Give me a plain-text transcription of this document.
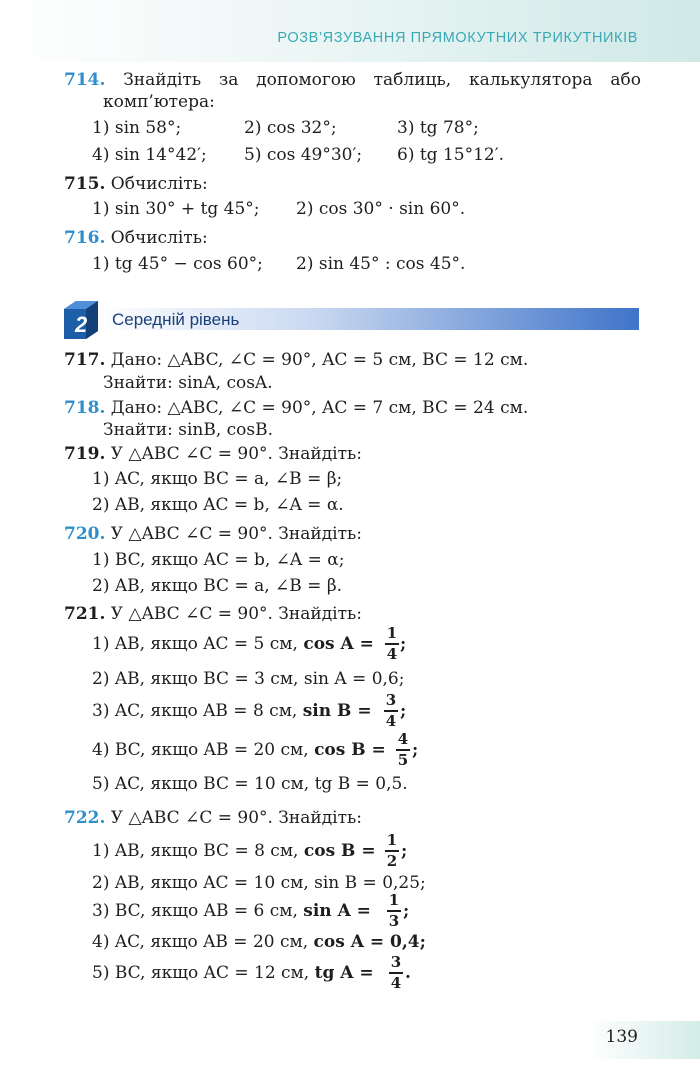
РОЗВ’ЯЗУВАННЯ ПРЯМОКУТНИХ ТРИКУТНИКІВ
714. Знайдіть за допомогою таблиць, калькулятора або
комп’ютера:
1) sin 58°;	2) cos 32°;	3) tg 78°;
4) sin 14°42′; 5) cos 49°30′; 6) tg 15°12′.
715. Обчисліть:
1) sin 30° + tg 45°; 2) cos 30° · sin 60°.
716. Обчисліть:
1) tg 45° − cos 60°; 2) sin 45° : cos 45°.
2 Середній рівень
717. Дано: △ABC, ∠C = 90°, AC = 5 см, BC = 12 см.
Знайти: sinA, cosA.
718. Дано: △ABC, ∠C = 90°, AC = 7 см, BC = 24 см.
Знайти: sinB, cosB.
719. У △ABC ∠C = 90°. Знайдіть:
1) AC, якщо BC = a, ∠B = β;
2) AB, якщо AC = b, ∠A = α.
720. У △ABC ∠C = 90°. Знайдіть:
1) BC, якщо AC = b, ∠A = α;
2) AB, якщо BC = a, ∠B = β.
721. У △ABC ∠C = 90°. Знайдіть:
1) AB, якщо AC = 5 см, cos A =
1
4 ;
2) AB, якщо BC = 3 см, sin A = 0,6;
3) AC, якщо AB = 8 см, sin B =
3
4 ;
4) BC, якщо AB = 20 см, cos B =
4
5 ;
5) AC, якщо BC = 10 см, tg B = 0,5.
722. У △ABC ∠C = 90°. Знайдіть:
1) AB, якщо BC = 8 см, cos B =
1
2 ;
2) AB, якщо AC = 10 см, sin B = 0,25;
3) BC, якщо AB = 6 см, sin A =
1
3 ;
4) AC, якщо AB = 20 см, cos A = 0,4;
5) BC, якщо AC = 12 см, tg A =
3
4 .
139
